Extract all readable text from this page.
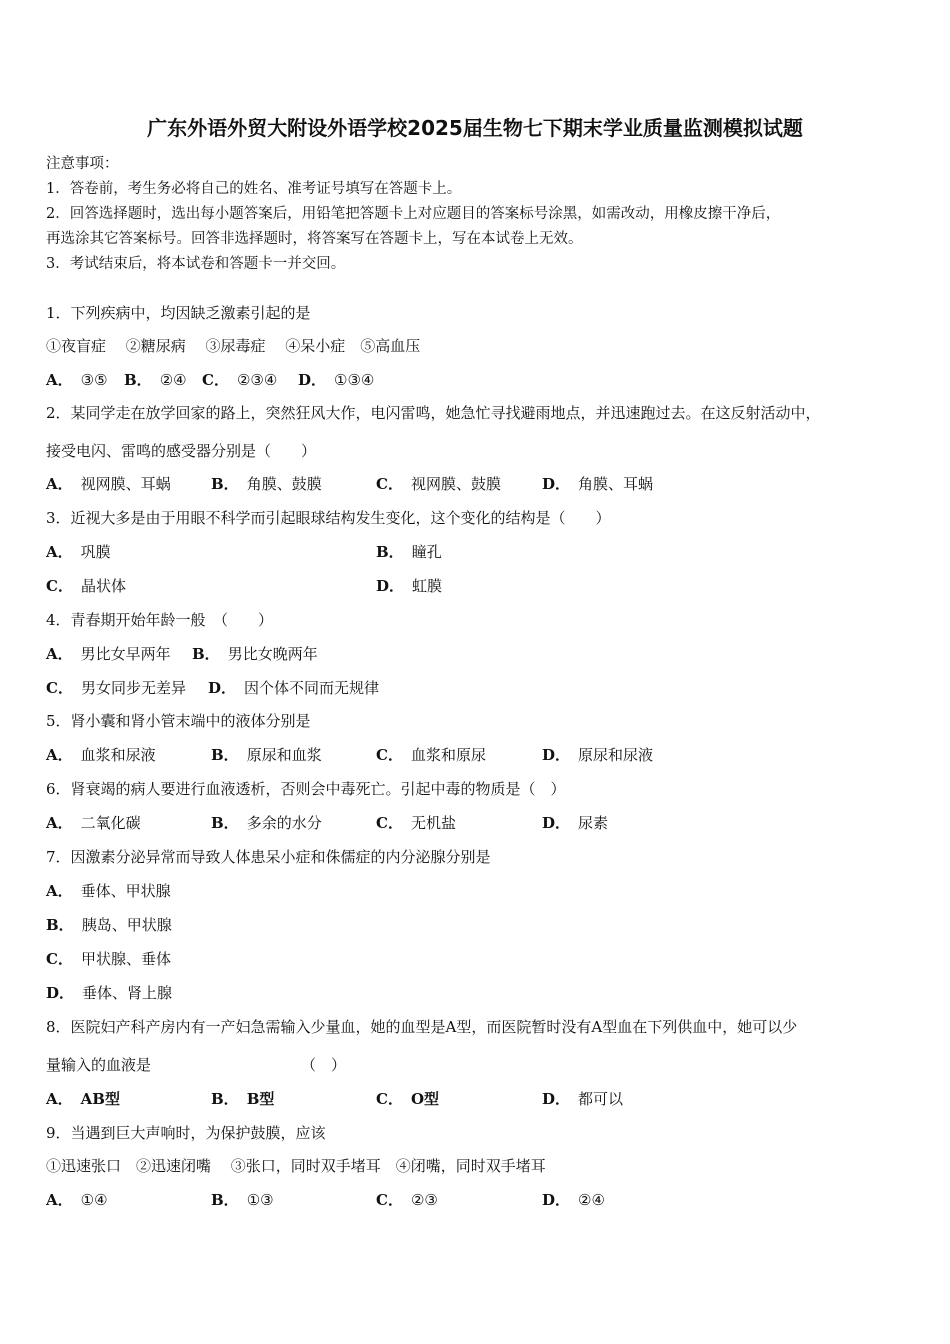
广东外语外贸大附设外语学校2025届生物七下期末学业质量监测模拟试题
注意事项：
1．答卷前，考生务必将自己的姓名、准考证号填写在答题卡上。
2．回答选择题时，选出每小题答案后，用铅笔把答题卡上对应题目的答案标号涂黑，如需改动，用橡皮擦干净后，
再选涂其它答案标号。回答非选择题时，将答案写在答题卡上，写在本试卷上无效。
3．考试结束后，将本试卷和答题卡一并交回。
1．下列疾病中，均因缺乏激素引起的是
①夜盲症　 ②糖尿病　 ③尿毒症　 ④呆小症　⑤高血压
A． ③⑤ B． ②④ C． ②③④ D． ①③④
2．某同学走在放学回家的路上，突然狂风大作，电闪雷鸣，她急忙寻找避雨地点，并迅速跑过去。在这反射活动中，
接受电闪、雷鸣的感受器分别是（　　）
A． 视网膜、耳蜗	B． 角膜、鼓膜	C． 视网膜、鼓膜	D． 角膜、耳蜗
3．近视大多是由于用眼不科学而引起眼球结构发生变化，这个变化的结构是（　　）
A． 巩膜	B． 瞳孔
C． 晶状体	D． 虹膜
4．青春期开始年龄一般　（　　）
A． 男比女早两年 B． 男比女晚两年
C． 男女同步无差异 D． 因个体不同而无规律
5．肾小囊和肾小管末端中的液体分别是
A． 血浆和尿液	B． 原尿和血浆	C． 血浆和原尿	D． 原尿和尿液
6．肾衰竭的病人要进行血液透析，否则会中毒死亡。引起中毒的物质是（　）
A． 二氧化碳	B． 多余的水分	C． 无机盐	D． 尿素
7．因激素分泌异常而导致人体患呆小症和侏儒症的内分泌腺分别是
A． 垂体、甲状腺
B． 胰岛、甲状腺
C． 甲状腺、垂体
D． 垂体、肾上腺
8．医院妇产科产房内有一产妇急需输入少量血，她的血型是A型，而医院暂时没有A型血在下列供血中，她可以少
量输入的血液是	（　）
A． AB型	B． B型	C． O型	D． 都可以
9．当遇到巨大声响时，为保护鼓膜，应该
①迅速张口　②迅速闭嘴　 ③张口，同时双手堵耳　④闭嘴，同时双手堵耳
A． ①④	B． ①③	C． ②③	D． ②④
